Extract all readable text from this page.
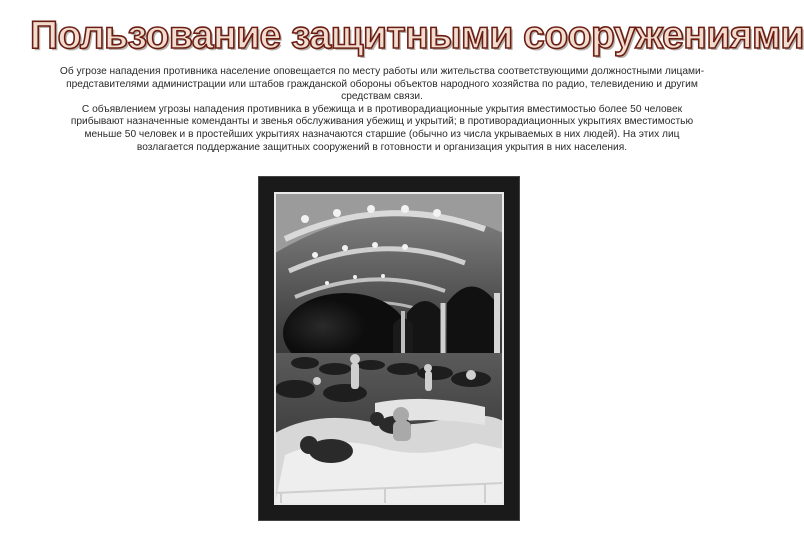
Пользование защитными сооружениями

Об угрозе нападения противника население оповещается по месту работы или жительства соответствующими должностными лицами-представителями администрации или штабов гражданской обороны объектов народного хозяйства по радио, телевидению и другим средствам связи.

С объявлением угрозы нападения противника в убежища и в противорадиационные укрытия вместимостью более 50 человек прибывают назначенные коменданты и звенья обслуживания убежищ и укрытий; в противорадиационных укрытиях вместимостью меньше 50 человек и в простейших укрытиях назначаются старшие (обычно из числа укрываемых в них людей). На этих лиц возлагается поддержание защитных сооружений в готовности и организация укрытия в них населения.
